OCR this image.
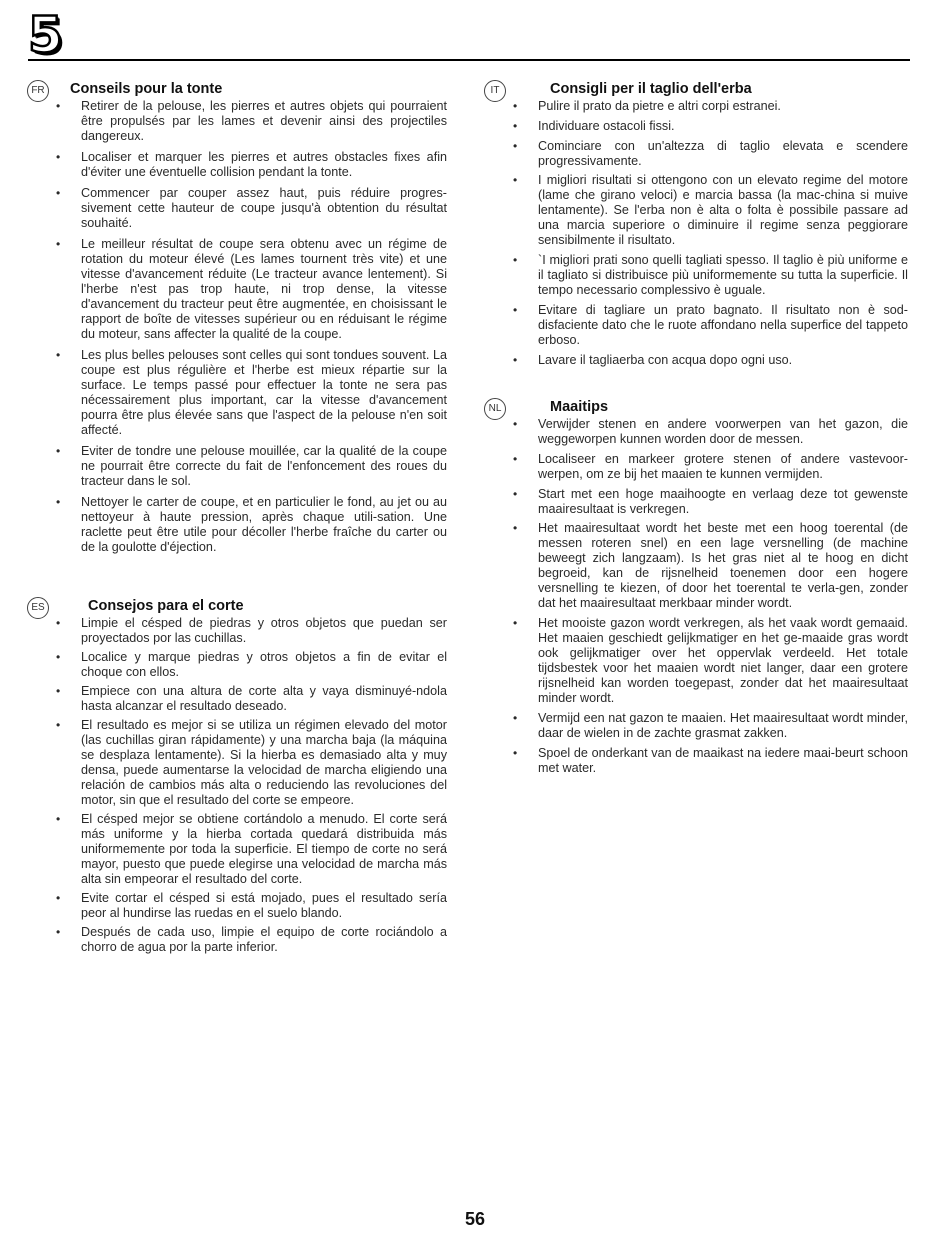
5
FR Conseils pour la tonte
• Retirer de la pelouse, les pierres et autres objets qui pourraient être propulsés par les lames et devenir ainsi des projectiles dangereux.
• Localiser et marquer les pierres et autres obstacles fixes afin d'éviter une éventuelle collision pendant la tonte.
• Commencer par couper assez haut, puis réduire progres-sivement cette hauteur de coupe jusqu'à obtention du résultat souhaité.
• Le meilleur résultat de coupe sera obtenu avec un régime de rotation du moteur élevé (Les lames tournent très vite) et une vitesse d'avancement réduite (Le tracteur avance lentement). Si l'herbe n'est pas trop haute, ni trop dense, la vitesse d'avancement du tracteur peut être augmentée, en choisissant le rapport de boîte de vitesses supérieur ou en réduisant le régime du moteur, sans affecter la qualité de la coupe.
• Les plus belles pelouses sont celles qui sont tondues souvent. La coupe est plus régulière et l'herbe est mieux répartie sur la surface. Le temps passé pour effectuer la tonte ne sera pas nécessairement plus important, car la vitesse d'avancement pourra être plus élevée sans que l'aspect de la pelouse n'en soit affecté.
• Eviter de tondre une pelouse mouillée, car la qualité de la coupe ne pourrait être correcte du fait de l'enfoncement des roues du tracteur dans le sol.
• Nettoyer le carter de coupe, et en particulier le fond, au jet ou au nettoyeur à haute pression, après chaque utili-sation. Une raclette peut être utile pour décoller l'herbe fraîche du carter ou de la goulotte d'éjection.
ES	Consejos para el corte
• Limpie el césped de piedras y otros objetos que puedan ser proyectados por las cuchillas.
• Localice y marque piedras y otros objetos a fin de evitar el choque con ellos.
• Empiece con una altura de corte alta y vaya disminuyé-ndola hasta alcanzar el resultado deseado.
• El resultado es mejor si se utiliza un régimen elevado del motor (las cuchillas giran rápidamente) y una marcha baja (la máquina se desplaza lentamente). Si la hierba es demasiado alta y muy densa, puede aumentarse la velocidad de marcha eligiendo una relación de cambios más alta o reduciendo las revoluciones del motor, sin que el resultado del corte se empeore.
• El césped mejor se obtiene cortándolo a menudo. El corte será más uniforme y la hierba cortada quedará distribuida más uniformemente por toda la superficie. El tiempo de corte no será mayor, puesto que puede elegirse una velocidad de marcha más alta sin empeorar el resultado del corte.
• Evite cortar el césped si está mojado, pues el resultado sería peor al hundirse las ruedas en el suelo blando.
• Después de cada uso, limpie el equipo de corte rociándolo a chorro de agua por la parte inferior.
IT	Consigli per il taglio dell'erba
• Pulire il prato da pietre e altri corpi estranei.
• Individuare ostacoli fissi.
• Cominciare con un'altezza di taglio elevata e scendere progressivamente.
• I migliori risultati si ottengono con un elevato regime del motore (lame che girano veloci) e marcia bassa (la mac-china si muive lentamente). Se l'erba non è alta o folta è possibile passare ad una marcia superiore o diminuire il regime senza peggiorare sensibilmente il risultato.
• `I migliori prati sono quelli tagliati spesso. Il taglio è più uniforme e il tagliato si distribuisce più uniformemente su tutta la superficie. Il tempo necessario complessivo è uguale.
• Evitare di tagliare un prato bagnato. Il risultato non è sod-disfaciente dato che le ruote affondano nella superfice del tappeto erboso.
• Lavare il tagliaerba con acqua dopo ogni uso.
NL	Maaitips
• Verwijder stenen en andere voorwerpen van het gazon, die weggeworpen kunnen worden door de messen.
• Localiseer en markeer grotere stenen of andere vastevoor-werpen, om ze bij het maaien te kunnen vermijden.
• Start met een hoge maaihoogte en verlaag deze tot gewenste maairesultaat is verkregen.
• Het maairesultaat wordt het beste met een hoog toerental (de messen roteren snel) en een lage versnelling (de machine beweegt zich langzaam). Is het gras niet al te hoog en dicht begroeid, kan de rijsnelheid toenemen door een hogere versnelling te kiezen, of door het toerental te verla-gen, zonder dat het maairesultaat merkbaar minder wordt.
• Het mooiste gazon wordt verkregen, als het vaak wordt gemaaid. Het maaien geschiedt gelijkmatiger en het ge-maaide gras wordt ook gelijkmatiger over het oppervlak verdeeld. Het totale tijdsbestek voor het maaien wordt niet langer, daar een grotere rijsnelheid kan worden toegepast, zonder dat het maairesultaat minder wordt.
• Vermijd een nat gazon te maaien. Het maairesultaat wordt minder, daar de wielen in de zachte grasmat zakken.
• Spoel de onderkant van de maaikast na iedere maai-beurt schoon met water.
56
